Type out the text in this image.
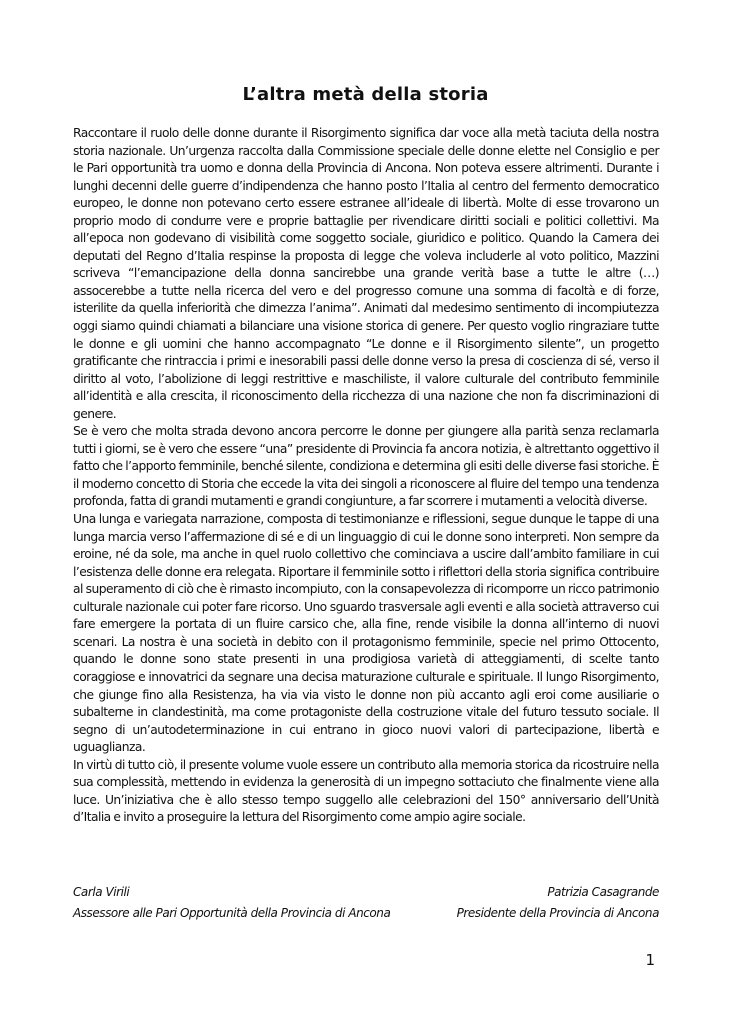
L’altra metà della storia

Raccontare il ruolo delle donne durante il Risorgimento significa dar voce alla metà taciuta della nostra storia nazionale. Un’urgenza raccolta dalla Commissione speciale delle donne elette nel Consiglio e per le Pari opportunità tra uomo e donna della Provincia di Ancona. Non poteva essere altrimenti. Durante i lunghi decenni delle guerre d’indipendenza che hanno posto l’Italia al centro del fermento democratico europeo, le donne non potevano certo essere estranee all’ideale di libertà. Molte di esse trovarono un proprio modo di condurre vere e proprie battaglie per rivendicare diritti sociali e politici collettivi. Ma all’epoca non godevano di visibilità come soggetto sociale, giuridico e politico. Quando la Camera dei deputati del Regno d’Italia respinse la proposta di legge che voleva includerle al voto politico, Mazzini scriveva “l’emancipazione della donna sancirebbe una grande verità base a tutte le altre (…) assocerebbe a tutte nella ricerca del vero e del progresso comune una somma di facoltà e di forze, isterilite da quella inferiorità che dimezza l’anima”. Animati dal medesimo sentimento di incompiutezza oggi siamo quindi chiamati a bilanciare una visione storica di genere. Per questo voglio ringraziare tutte le donne e gli uomini che hanno accompagnato “Le donne e il Risorgimento silente”, un progetto gratificante che rintraccia i primi e inesorabili passi delle donne verso la presa di coscienza di sé, verso il diritto al voto, l’abolizione di leggi restrittive e maschiliste, il valore culturale del contributo femminile all’identità e alla crescita, il riconoscimento della ricchezza di una nazione che non fa discriminazioni di genere.

Se è vero che molta strada devono ancora percorre le donne per giungere alla parità senza reclamarla tutti i giorni, se è vero che essere “una” presidente di Provincia fa ancora notizia, è altrettanto oggettivo il fatto che l’apporto femminile, benché silente, condiziona e determina gli esiti delle diverse fasi storiche. È il moderno concetto di Storia che eccede la vita dei singoli a riconoscere al fluire del tempo una tendenza profonda, fatta di grandi mutamenti e grandi congiunture, a far scorrere i mutamenti a velocità diverse.

Una lunga e variegata narrazione, composta di testimonianze e riflessioni, segue dunque le tappe di una lunga marcia verso l’affermazione di sé e di un linguaggio di cui le donne sono interpreti. Non sempre da eroine, né da sole, ma anche in quel ruolo collettivo che cominciava a uscire dall’ambito familiare in cui l’esistenza delle donne era relegata. Riportare il femminile sotto i riflettori della storia significa contribuire al superamento di ciò che è rimasto incompiuto, con la consapevolezza di ricomporre un ricco patrimonio culturale nazionale cui poter fare ricorso. Uno sguardo trasversale agli eventi e alla società attraverso cui fare emergere la portata di un fluire carsico che, alla fine, rende visibile la donna all’interno di nuovi scenari. La nostra è una società in debito con il protagonismo femminile, specie nel primo Ottocento, quando le donne sono state presenti in una prodigiosa varietà di atteggiamenti, di scelte tanto coraggiose e innovatrici da segnare una decisa maturazione culturale e spirituale. Il lungo Risorgimento, che giunge fino alla Resistenza, ha via via visto le donne non più accanto agli eroi come ausiliarie o subalterne in clandestinità, ma come protagoniste della costruzione vitale del futuro tessuto sociale. Il segno di un’autodeterminazione in cui entrano in gioco nuovi valori di partecipazione, libertà e uguaglianza.

In virtù di tutto ciò, il presente volume vuole essere un contributo alla memoria storica da ricostruire nella sua complessità, mettendo in evidenza la generosità di un impegno sottaciuto che finalmente viene alla luce. Un’iniziativa che è allo stesso tempo suggello alle celebrazioni del 150° anniversario dell’Unità d’Italia e invito a proseguire la lettura del Risorgimento come ampio agire sociale.

Carla Virili	Patrizia Casagrande
Assessore alle Pari Opportunità della Provincia di Ancona	Presidente della Provincia di Ancona
1
